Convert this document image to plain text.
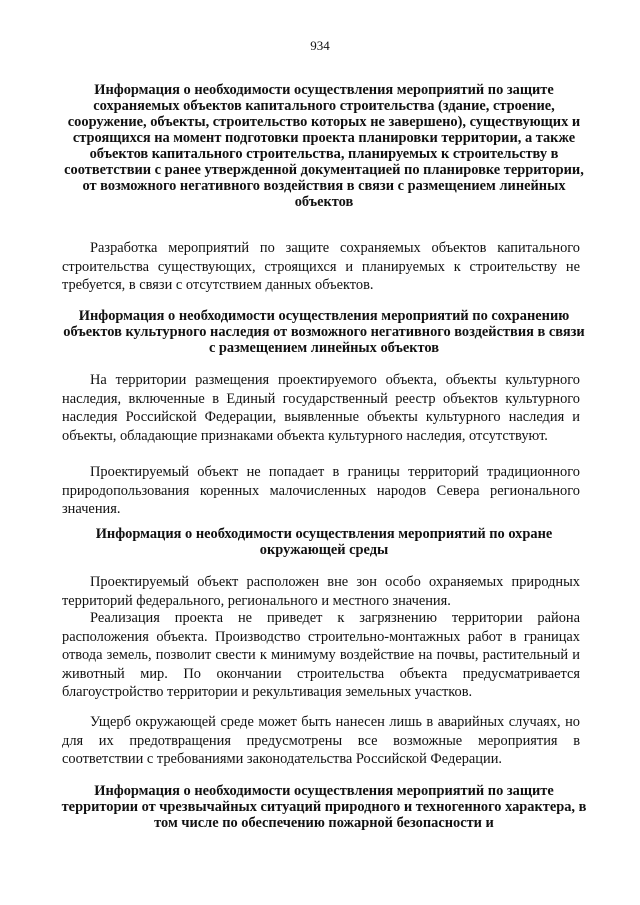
934
Информация о необходимости осуществления мероприятий по защите сохраняемых объектов капитального строительства (здание, строение, сооружение, объекты, строительство которых не завершено), существующих и строящихся на момент подготовки проекта планировки территории, а также объектов капитального строительства, планируемых к строительству в соответствии с ранее утвержденной документацией по планировке территории, от возможного негативного воздействия в связи с размещением линейных объектов
Разработка мероприятий по защите сохраняемых объектов капитального строительства существующих, строящихся и планируемых к строительству не требуется, в связи с отсутствием данных объектов.
Информация о необходимости осуществления мероприятий по сохранению объектов культурного наследия от возможного негативного воздействия в связи с размещением линейных объектов
На территории размещения проектируемого объекта, объекты культурного наследия, включенные в Единый государственный реестр объектов культурного наследия Российской Федерации, выявленные объекты культурного наследия и объекты, обладающие признаками объекта культурного наследия, отсутствуют.
Проектируемый объект не попадает в границы территорий традиционного природопользования коренных малочисленных народов Севера регионального значения.
Информация о необходимости осуществления мероприятий по охране окружающей среды
Проектируемый объект расположен вне зон особо охраняемых природных территорий федерального, регионального и местного значения.
Реализация проекта не приведет к загрязнению территории района расположения объекта. Производство строительно-монтажных работ в границах отвода земель, позволит свести к минимуму воздействие на почвы, растительный и животный мир. По окончании строительства объекта предусматривается благоустройство территории и рекультивация земельных участков.
Ущерб окружающей среде может быть нанесен лишь в аварийных случаях, но для их предотвращения предусмотрены все возможные мероприятия в соответствии с требованиями законодательства Российской Федерации.
Информация о необходимости осуществления мероприятий по защите территории от чрезвычайных ситуаций природного и техногенного характера, в том числе по обеспечению пожарной безопасности и
